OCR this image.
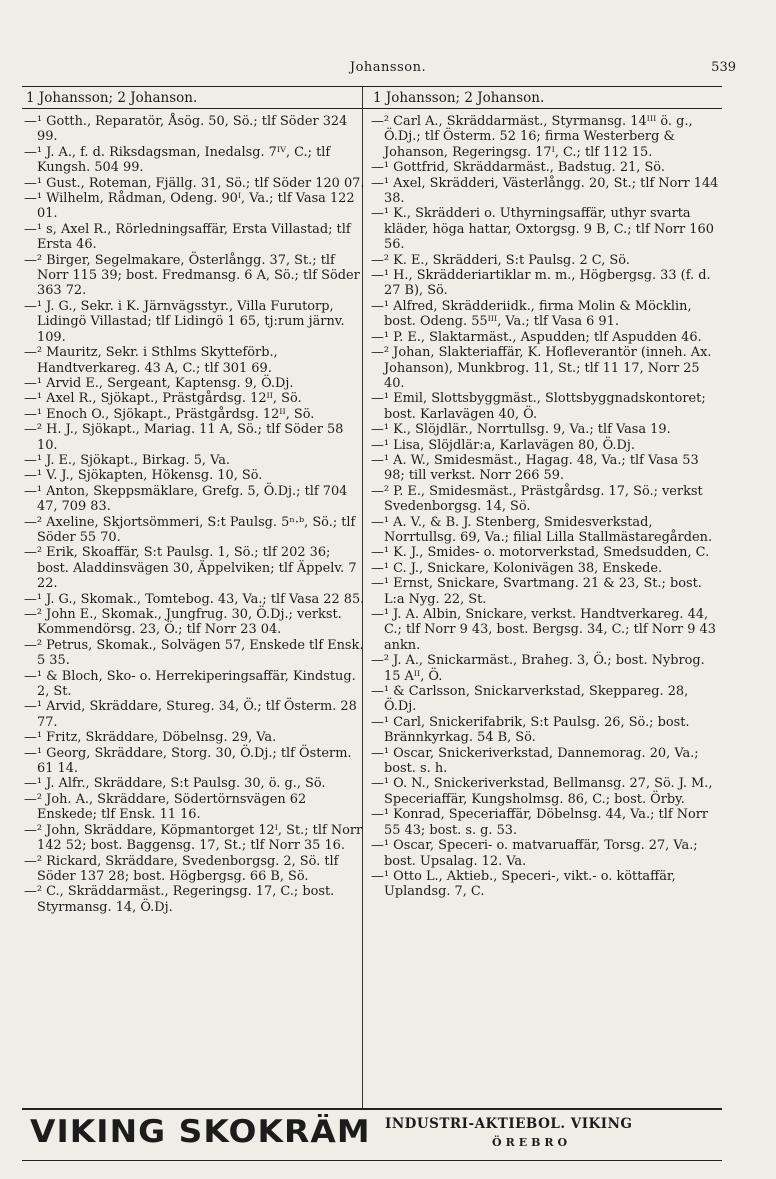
Johansson.	539
1 Johansson; 2 Johanson.	1 Johansson; 2 Johanson.

—¹ Gotth., Reparatör, Åsög. 50, Sö.; tlf Söder 324 99.

—¹ J. A., f. d. Riksdagsman, Inedalsg. 7ᴵⱽ, C.; tlf Kungsh. 504 99.

—¹ Gust., Roteman, Fjällg. 31, Sö.; tlf Söder 120 07.

—¹ Wilhelm, Rådman, Odeng. 90ᴵ, Va.; tlf Vasa 122 01.

—¹ s, Axel R., Rörledningsaffär, Ersta Villastad; tlf Ersta 46.

—² Birger, Segelmakare, Österlångg. 37, St.; tlf Norr 115 39; bost. Fredmansg. 6 A, Sö.; tlf Söder 363 72.

—¹ J. G., Sekr. i K. Järnvägsstyr., Villa Furutorp, Lidingö Villastad; tlf Lidingö 1 65, tj:rum järnv. 109.

—² Mauritz, Sekr. i Sthlms Skytteförb., Handtverkareg. 43 A, C.; tlf 301 69.

—¹ Arvid E., Sergeant, Kaptensg. 9, Ö.Dj.

—¹ Axel R., Sjökapt., Prästgårdsg. 12ᴵᴵ, Sö.

—¹ Enoch O., Sjökapt., Prästgårdsg. 12ᴵᴵ, Sö.

—² H. J., Sjökapt., Mariag. 11 A, Sö.; tlf Söder 58 10.

—¹ J. E., Sjökapt., Birkag. 5, Va.

—¹ V. J., Sjökapten, Hökensg. 10, Sö.

—¹ Anton, Skeppsmäklare, Grefg. 5, Ö.Dj.; tlf 704 47, 709 83.

—² Axeline, Skjortsömmeri, S:t Paulsg. 5ⁿ·ᵇ, Sö.; tlf Söder 55 70.

—² Erik, Skoaffär, S:t Paulsg. 1, Sö.; tlf 202 36; bost. Aladdinsvägen 30, Äppelviken; tlf Äppelv. 7 22.

—¹ J. G., Skomak., Tomtebog. 43, Va.; tlf Vasa 22 85.

—² John E., Skomak., Jungfrug. 30, Ö.Dj.; verkst. Kommendörsg. 23, Ö.; tlf Norr 23 04.

—² Petrus, Skomak., Solvägen 57, Enskede tlf Ensk. 5 35.

—¹ & Bloch, Sko- o. Herrekiperingsaffär, Kindstug. 2, St.

—¹ Arvid, Skräddare, Stureg. 34, Ö.; tlf Österm. 28 77.

—¹ Fritz, Skräddare, Döbelnsg. 29, Va.

—¹ Georg, Skräddare, Storg. 30, Ö.Dj.; tlf Österm. 61 14.

—¹ J. Alfr., Skräddare, S:t Paulsg. 30, ö. g., Sö.

—² Joh. A., Skräddare, Södertörnsvägen 62 Enskede; tlf Ensk. 11 16.

—² John, Skräddare, Köpmantorget 12ᴵ, St.; tlf Norr 142 52; bost. Baggensg. 17, St.; tlf Norr 35 16.

—² Rickard, Skräddare, Svedenborgsg. 2, Sö. tlf Söder 137 28; bost. Högbergsg. 66 B, Sö.

—² C., Skräddarmäst., Regeringsg. 17, C.; bost. Styrmansg. 14, Ö.Dj.

—² Carl A., Skräddarmäst., Styrmansg. 14ᴵᴵᴵ ö. g., Ö.Dj.; tlf Österm. 52 16; firma Westerberg & Johanson, Regeringsg. 17ᴵ, C.; tlf 112 15.

—¹ Gottfrid, Skräddarmäst., Badstug. 21, Sö.

—¹ Axel, Skrädderi, Västerlångg. 20, St.; tlf Norr 144 38.

—¹ K., Skrädderi o. Uthyrningsaffär, uthyr svarta kläder, höga hattar, Oxtorgsg. 9 B, C.; tlf Norr 160 56.

—² K. E., Skrädderi, S:t Paulsg. 2 C, Sö.

—¹ H., Skrädderiartiklar m. m., Högbergsg. 33 (f. d. 27 B), Sö.

—¹ Alfred, Skrädderiidk., firma Molin & Möcklin, bost. Odeng. 55ᴵᴵᴵ, Va.; tlf Vasa 6 91.

—¹ P. E., Slaktarmäst., Aspudden; tlf Aspudden 46.

—² Johan, Slakteriaffär, K. Hofleverantör (inneh. Ax. Johanson), Munkbrog. 11, St.; tlf 11 17, Norr 25 40.

—¹ Emil, Slottsbyggmäst., Slottsbyggnadskontoret; bost. Karlavägen 40, Ö.

—¹ K., Slöjdlär., Norrtullsg. 9, Va.; tlf Vasa 19.

—¹ Lisa, Slöjdlär:a, Karlavägen 80, Ö.Dj.

—¹ A. W., Smidesmäst., Hagag. 48, Va.; tlf Vasa 53 98; till verkst. Norr 266 59.

—² P. E., Smidesmäst., Prästgårdsg. 17, Sö.; verkst Svedenborgsg. 14, Sö.

—¹ A. V., & B. J. Stenberg, Smidesverkstad, Norrtullsg. 69, Va.; filial Lilla Stallmästaregården.

—¹ K. J., Smides- o. motorverkstad, Smedsudden, C.

—¹ C. J., Snickare, Kolonivägen 38, Enskede.

—¹ Ernst, Snickare, Svartmang. 21 & 23, St.; bost. L:a Nyg. 22, St.

—¹ J. A. Albin, Snickare, verkst. Handtverkareg. 44, C.; tlf Norr 9 43, bost. Bergsg. 34, C.; tlf Norr 9 43 ankn.

—² J. A., Snickarmäst., Braheg. 3, Ö.; bost. Nybrog. 15 Aᴵᴵ, Ö.

—¹ & Carlsson, Snickarverkstad, Skeppareg. 28, Ö.Dj.

—¹ Carl, Snickerifabrik, S:t Paulsg. 26, Sö.; bost. Brännkyrkag. 54 B, Sö.

—¹ Oscar, Snickeriverkstad, Dannemorag. 20, Va.; bost. s. h.

—¹ O. N., Snickeriverkstad, Bellmansg. 27, Sö. J. M., Speceriaffär, Kungsholmsg. 86, C.; bost. Örby.

—¹ Konrad, Speceriaffär, Döbelnsg. 44, Va.; tlf Norr 55 43; bost. s. g. 53.

—¹ Oscar, Speceri- o. matvaruaffär, Torsg. 27, Va.; bost. Upsalag. 12. Va.

—¹ Otto L., Aktieb., Speceri-, vikt.- o. köttaffär, Uplandsg. 7, C.

VIKING SKOKRÄM INDUSTRI-AKTIEBOL. VIKING
ÖREBRO
